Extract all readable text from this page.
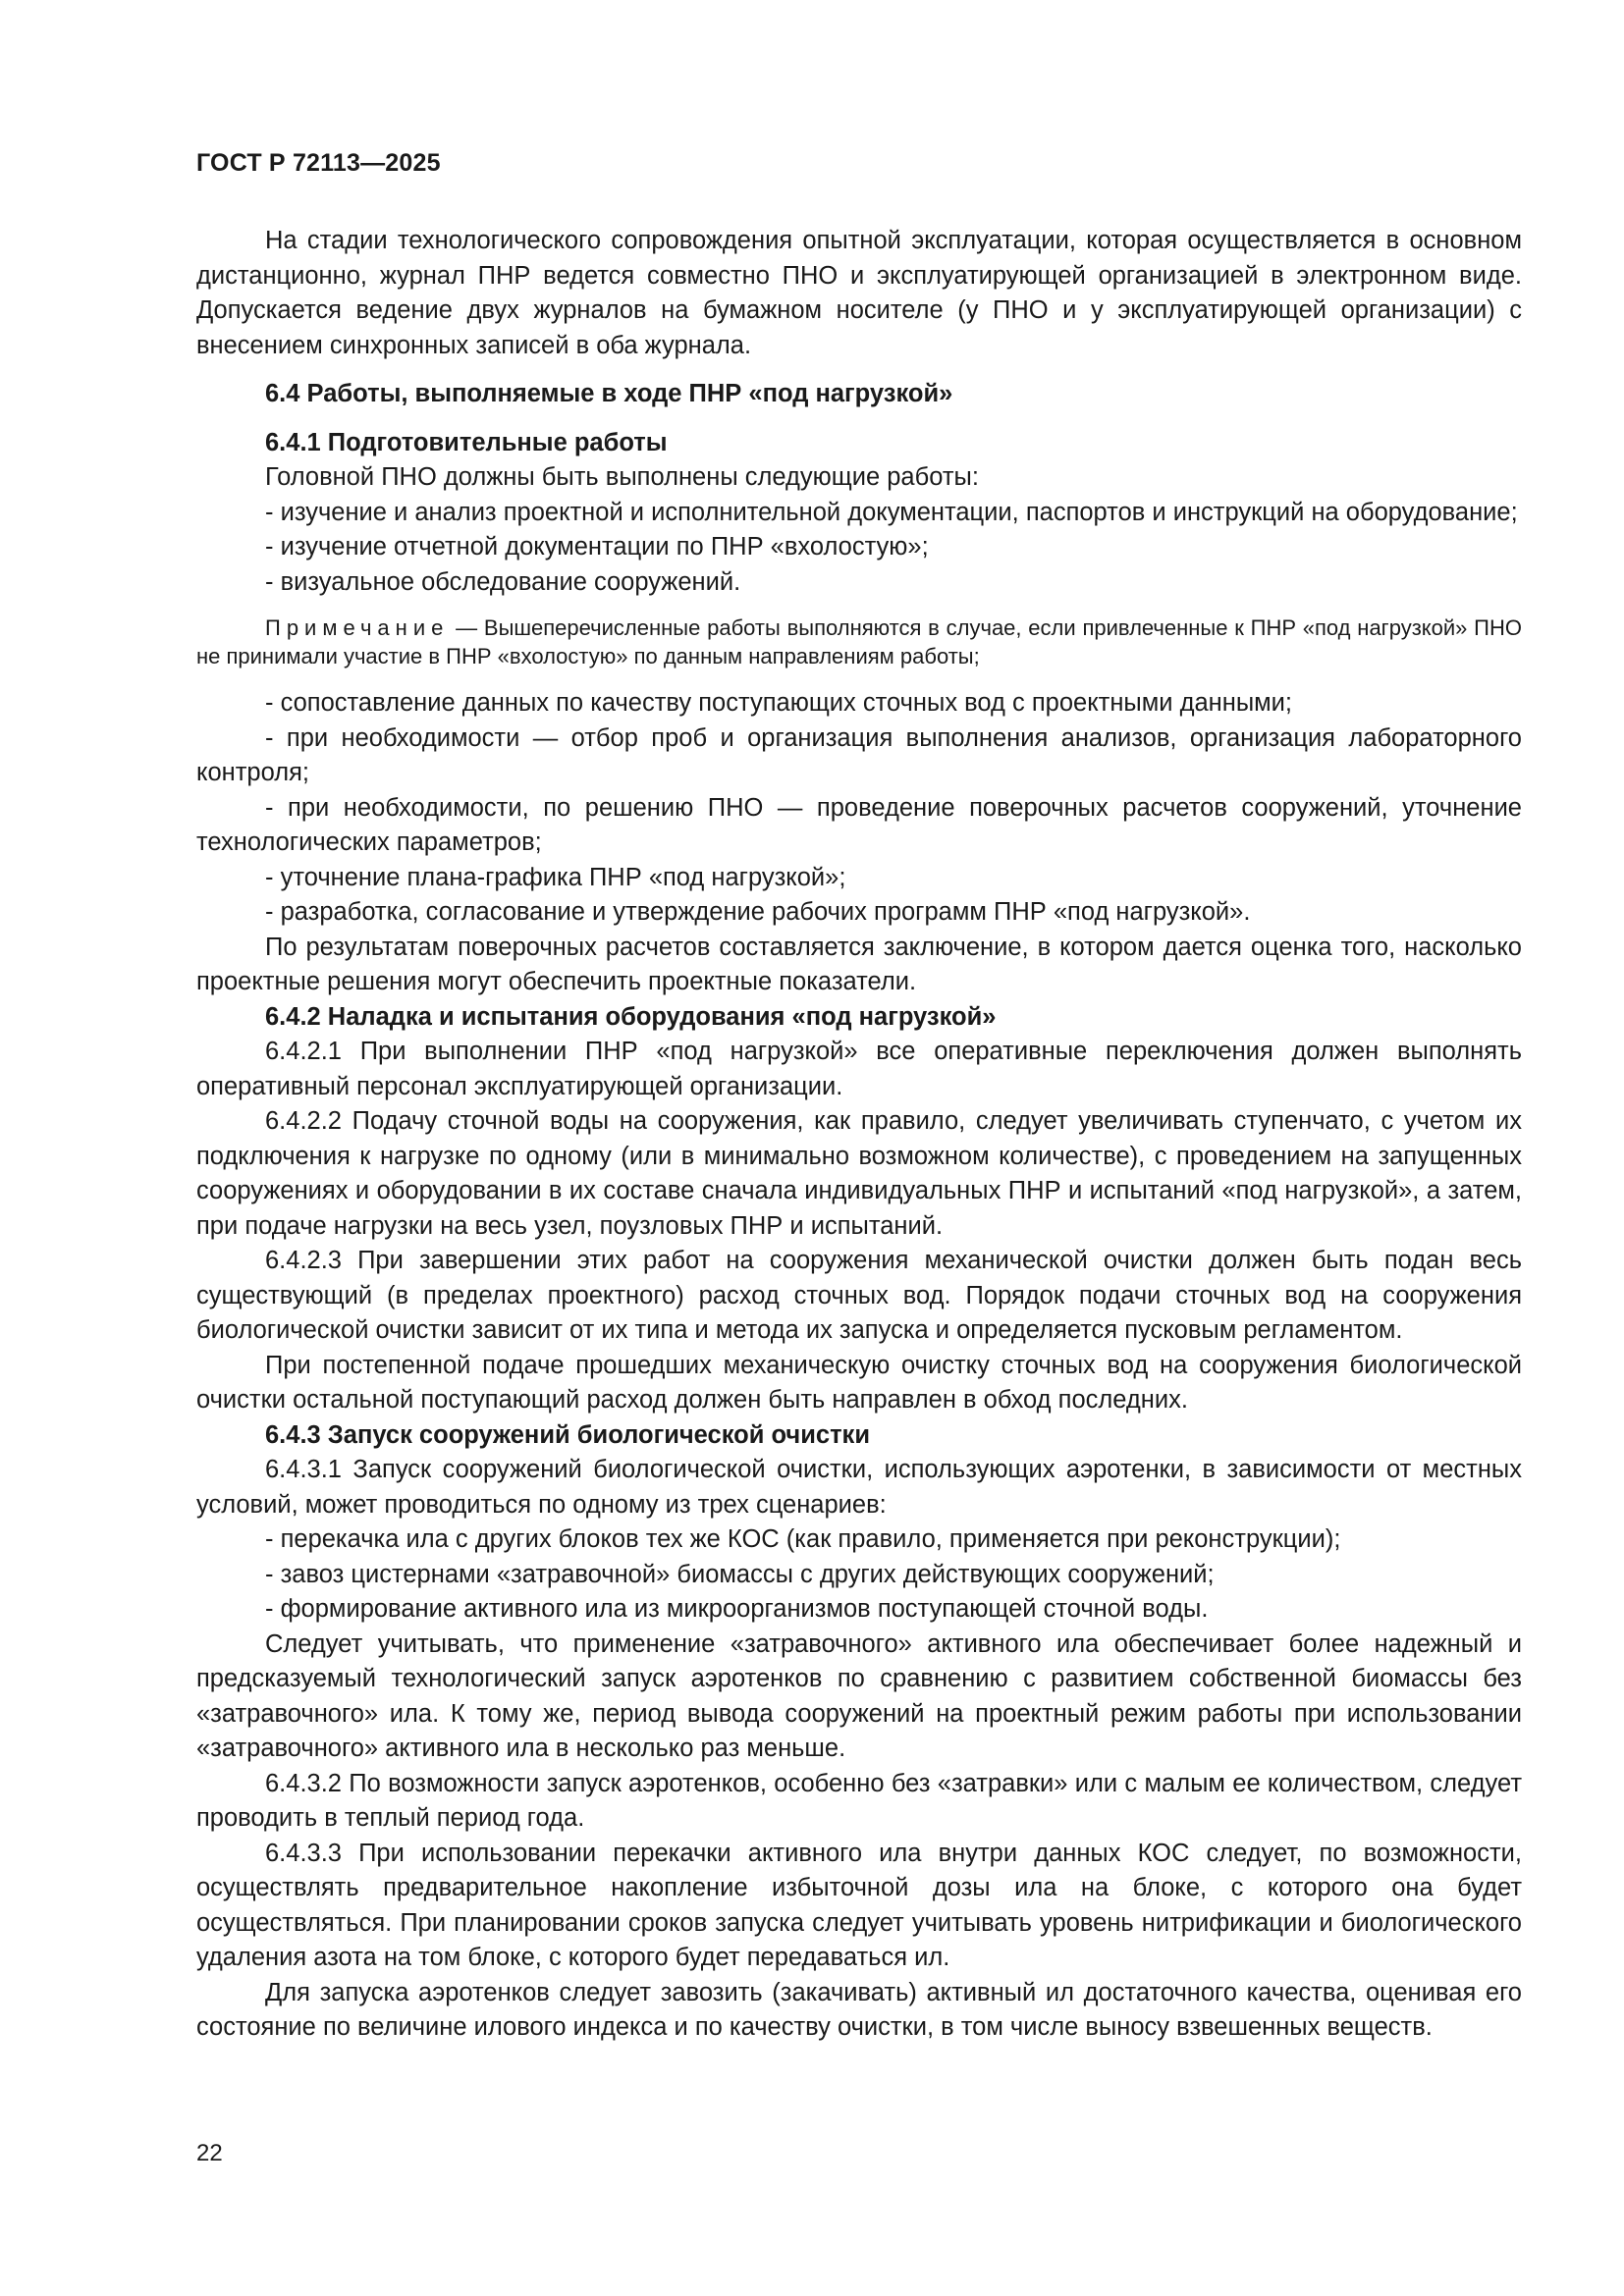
ГОСТ Р 72113—2025

На стадии технологического сопровождения опытной эксплуатации, которая осуществляется в основном дистанционно, журнал ПНР ведется совместно ПНО и эксплуатирующей организацией в электронном виде. Допускается ведение двух журналов на бумажном носителе (у ПНО и у эксплуатирующей организации) с внесением синхронных записей в оба журнала.

6.4 Работы, выполняемые в ходе ПНР «под нагрузкой»

6.4.1 Подготовительные работы

Головной ПНО должны быть выполнены следующие работы:

- изучение и анализ проектной и исполнительной документации, паспортов и инструкций на оборудование;

- изучение отчетной документации по ПНР «вхолостую»;

- визуальное обследование сооружений.

Примечание — Вышеперечисленные работы выполняются в случае, если привлеченные к ПНР «под нагрузкой» ПНО не принимали участие в ПНР «вхолостую» по данным направлениям работы;

- сопоставление данных по качеству поступающих сточных вод с проектными данными;

- при необходимости — отбор проб и организация выполнения анализов, организация лабораторного контроля;

- при необходимости, по решению ПНО — проведение поверочных расчетов сооружений, уточнение технологических параметров;

- уточнение плана-графика ПНР «под нагрузкой»;

- разработка, согласование и утверждение рабочих программ ПНР «под нагрузкой».

По результатам поверочных расчетов составляется заключение, в котором дается оценка того, насколько проектные решения могут обеспечить проектные показатели.

6.4.2 Наладка и испытания оборудования «под нагрузкой»

6.4.2.1 При выполнении ПНР «под нагрузкой» все оперативные переключения должен выполнять оперативный персонал эксплуатирующей организации.

6.4.2.2 Подачу сточной воды на сооружения, как правило, следует увеличивать ступенчато, с учетом их подключения к нагрузке по одному (или в минимально возможном количестве), с проведением на запущенных сооружениях и оборудовании в их составе сначала индивидуальных ПНР и испытаний «под нагрузкой», а затем, при подаче нагрузки на весь узел, поузловых ПНР и испытаний.

6.4.2.3 При завершении этих работ на сооружения механической очистки должен быть подан весь существующий (в пределах проектного) расход сточных вод. Порядок подачи сточных вод на сооружения биологической очистки зависит от их типа и метода их запуска и определяется пусковым регламентом.

При постепенной подаче прошедших механическую очистку сточных вод на сооружения биологической очистки остальной поступающий расход должен быть направлен в обход последних.

6.4.3 Запуск сооружений биологической очистки

6.4.3.1 Запуск сооружений биологической очистки, использующих аэротенки, в зависимости от местных условий, может проводиться по одному из трех сценариев:

- перекачка ила с других блоков тех же КОС (как правило, применяется при реконструкции);

- завоз цистернами «затравочной» биомассы с других действующих сооружений;

- формирование активного ила из микроорганизмов поступающей сточной воды.

Следует учитывать, что применение «затравочного» активного ила обеспечивает более надежный и предсказуемый технологический запуск аэротенков по сравнению с развитием собственной биомассы без «затравочного» ила. К тому же, период вывода сооружений на проектный режим работы при использовании «затравочного» активного ила в несколько раз меньше.

6.4.3.2 По возможности запуск аэротенков, особенно без «затравки» или с малым ее количеством, следует проводить в теплый период года.

6.4.3.3 При использовании перекачки активного ила внутри данных КОС следует, по возможности, осуществлять предварительное накопление избыточной дозы ила на блоке, с которого она будет осуществляться. При планировании сроков запуска следует учитывать уровень нитрификации и биологического удаления азота на том блоке, с которого будет передаваться ил.

Для запуска аэротенков следует завозить (закачивать) активный ил достаточного качества, оценивая его состояние по величине илового индекса и по качеству очистки, в том числе выносу взвешенных веществ.

22
